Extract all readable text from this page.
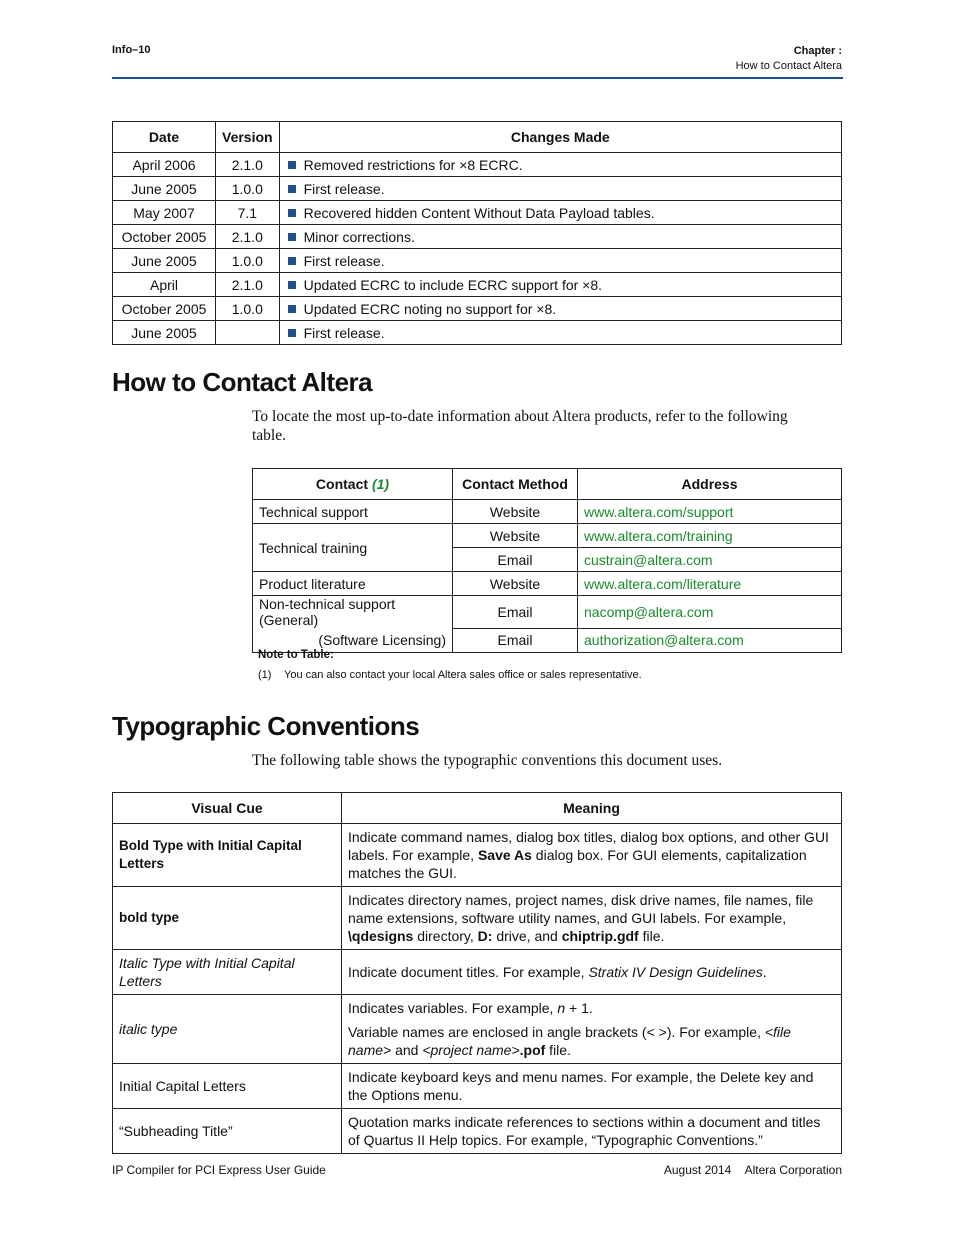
Info–10	Chapter :
How to Contact Altera
Date	Version	Changes Made
April 2006	2.1.0	Removed restrictions for ×8 ECRC.
June 2005	1.0.0	First release.
May 2007	7.1	Recovered hidden Content Without Data Payload tables.
October 2005	2.1.0	Minor corrections.
June 2005	1.0.0	First release.
April	2.1.0	Updated ECRC to include ECRC support for ×8.
October 2005	1.0.0	Updated ECRC noting no support for ×8.
June 2005		First release.
How to Contact Altera
To locate the most up-to-date information about Altera products, refer to the following table.
Contact (1)	Contact Method	Address
Technical support	Website	www.altera.com/support
Technical training	Website	www.altera.com/training
	Email	custrain@altera.com
Product literature	Website	www.altera.com/literature
Non-technical support (General)	Email	nacomp@altera.com
(Software Licensing)	Email	authorization@altera.com
Note to Table:
(1) You can also contact your local Altera sales office or sales representative.
Typographic Conventions
The following table shows the typographic conventions this document uses.
Visual Cue	Meaning
Bold Type with Initial Capital Letters	Indicate command names, dialog box titles, dialog box options, and other GUI labels. For example, Save As dialog box. For GUI elements, capitalization matches the GUI.
bold type	Indicates directory names, project names, disk drive names, file names, file name extensions, software utility names, and GUI labels. For example, \qdesigns directory, D: drive, and chiptrip.gdf file.
Italic Type with Initial Capital Letters	Indicate document titles. For example, Stratix IV Design Guidelines.
italic type	Indicates variables. For example, n + 1.
Variable names are enclosed in angle brackets (< >). For example, <file name> and <project name>.pof file.

Initial Capital Letters	Indicate keyboard keys and menu names. For example, the Delete key and the Options menu.
“Subheading Title”	Quotation marks indicate references to sections within a document and titles of Quartus II Help topics. For example, “Typographic Conventions.”
IP Compiler for PCI Express User Guide	August 2014 Altera Corporation
